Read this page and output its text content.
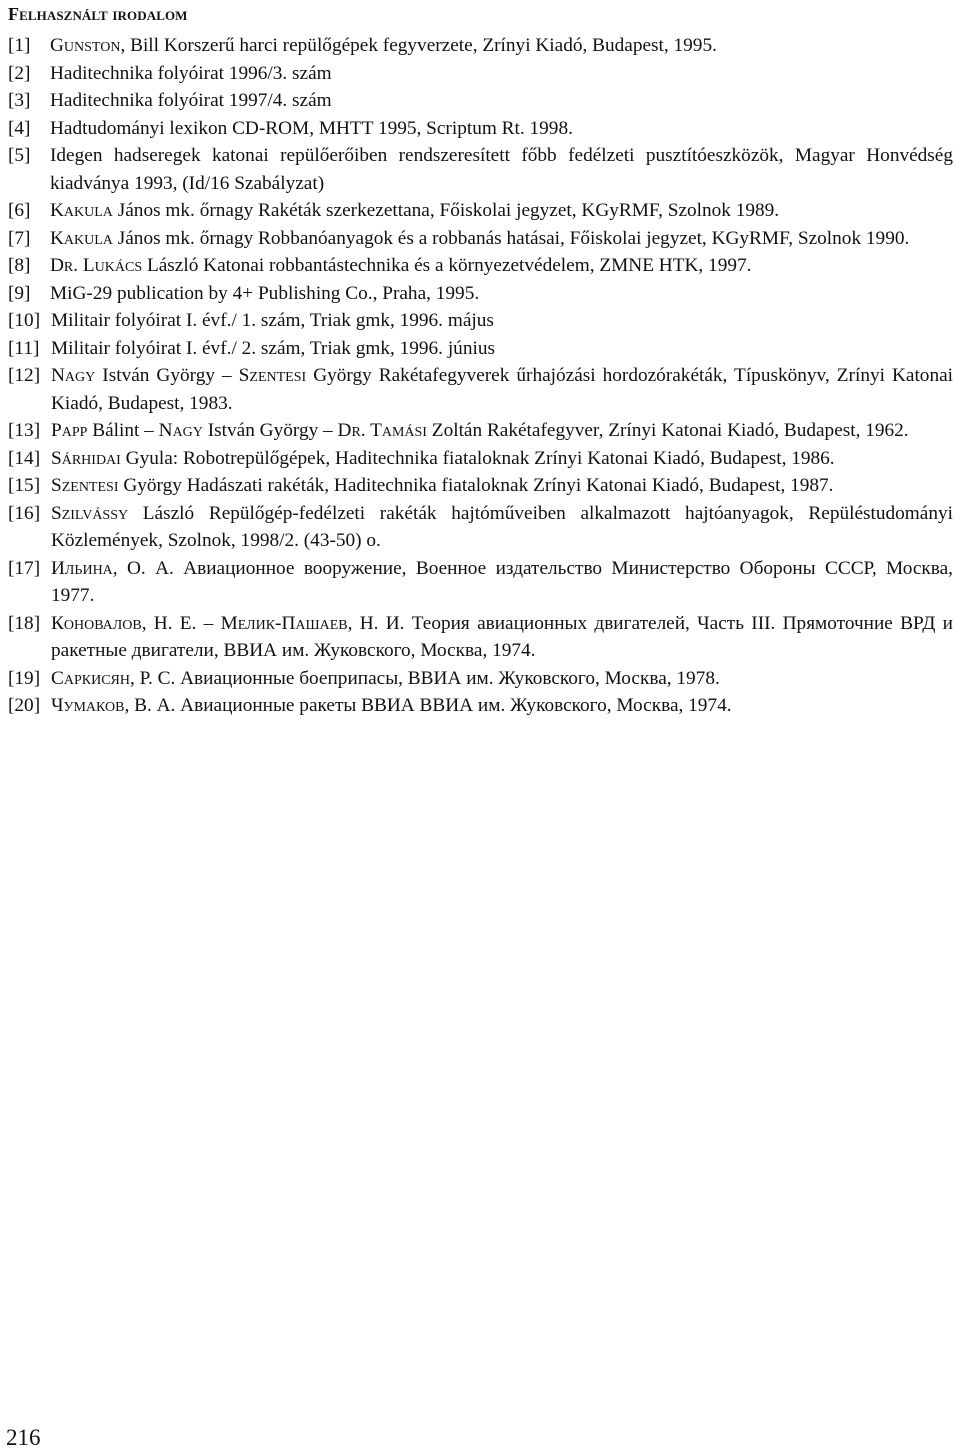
Felhasznált irodalom
[1]	Gunston, Bill Korszerű harci repülőgépek fegyverzete, Zrínyi Kiadó, Budapest, 1995.
[2]	Haditechnika folyóirat 1996/3. szám
[3]	Haditechnika folyóirat 1997/4. szám
[4]	Hadtudományi lexikon CD-ROM, MHTT 1995, Scriptum Rt. 1998.
[5]	Idegen hadseregek katonai repülőerőiben rendszeresített főbb fedélzeti pusztítóeszközök, Magyar Honvédség kiadványa 1993, (Id/16 Szabályzat)
[6]	Kakula János mk. őrnagy Rakéták szerkezettana, Főiskolai jegyzet, KGyRMF, Szolnok 1989.
[7]	Kakula János mk. őrnagy Robbanóanyagok és a robbanás hatásai, Főiskolai jegyzet, KGyRMF, Szolnok 1990.
[8]	Dr. Lukács László Katonai robbantástechnika és a környezetvédelem, ZMNE HTK, 1997.
[9]	MiG-29 publication by 4+ Publishing Co., Praha, 1995.
[10] Militair folyóirat I. évf./ 1. szám, Triak gmk, 1996. május
[11] Militair folyóirat I. évf./ 2. szám, Triak gmk, 1996. június
[12] Nagy István György – Szentesi György Rakétafegyverek űrhajózási hordozórakéták, Típuskönyv, Zrínyi Katonai Kiadó, Budapest, 1983.
[13] Papp Bálint – Nagy István György – Dr. Tamási Zoltán Rakétafegyver, Zrínyi Katonai Kiadó, Budapest, 1962.
[14] Sárhidai Gyula: Robotrepülőgépek, Haditechnika fiataloknak Zrínyi Katonai Kiadó, Budapest, 1986.
[15] Szentesi György Hadászati rakéták, Haditechnika fiataloknak Zrínyi Katonai Kiadó, Budapest, 1987.
[16] Szilvássy László Repülőgép-fedélzeti rakéták hajtóműveiben alkalmazott hajtóanyagok, Repüléstudományi Közlemények, Szolnok, 1998/2. (43-50) o.
[17] Ильина, О. А. Авиационное вооружение, Военное издательство Министерство Обороны СССР, Москва, 1977.
[18] Коновалов, Н. Е. – Мелик-Пашаев, Н. И. Теория авиационных двигателей, Часть III. Прямоточние ВРД и ракетные двигатели, ВВИА им. Жуковского, Москва, 1974.
[19] Саркисян, Р. С. Авиационные боеприпасы, ВВИА им. Жуковского, Москва, 1978.
[20] Чумаков, В. А. Авиационные ракеты ВВИА ВВИА им. Жуковского, Москва, 1974.
216
